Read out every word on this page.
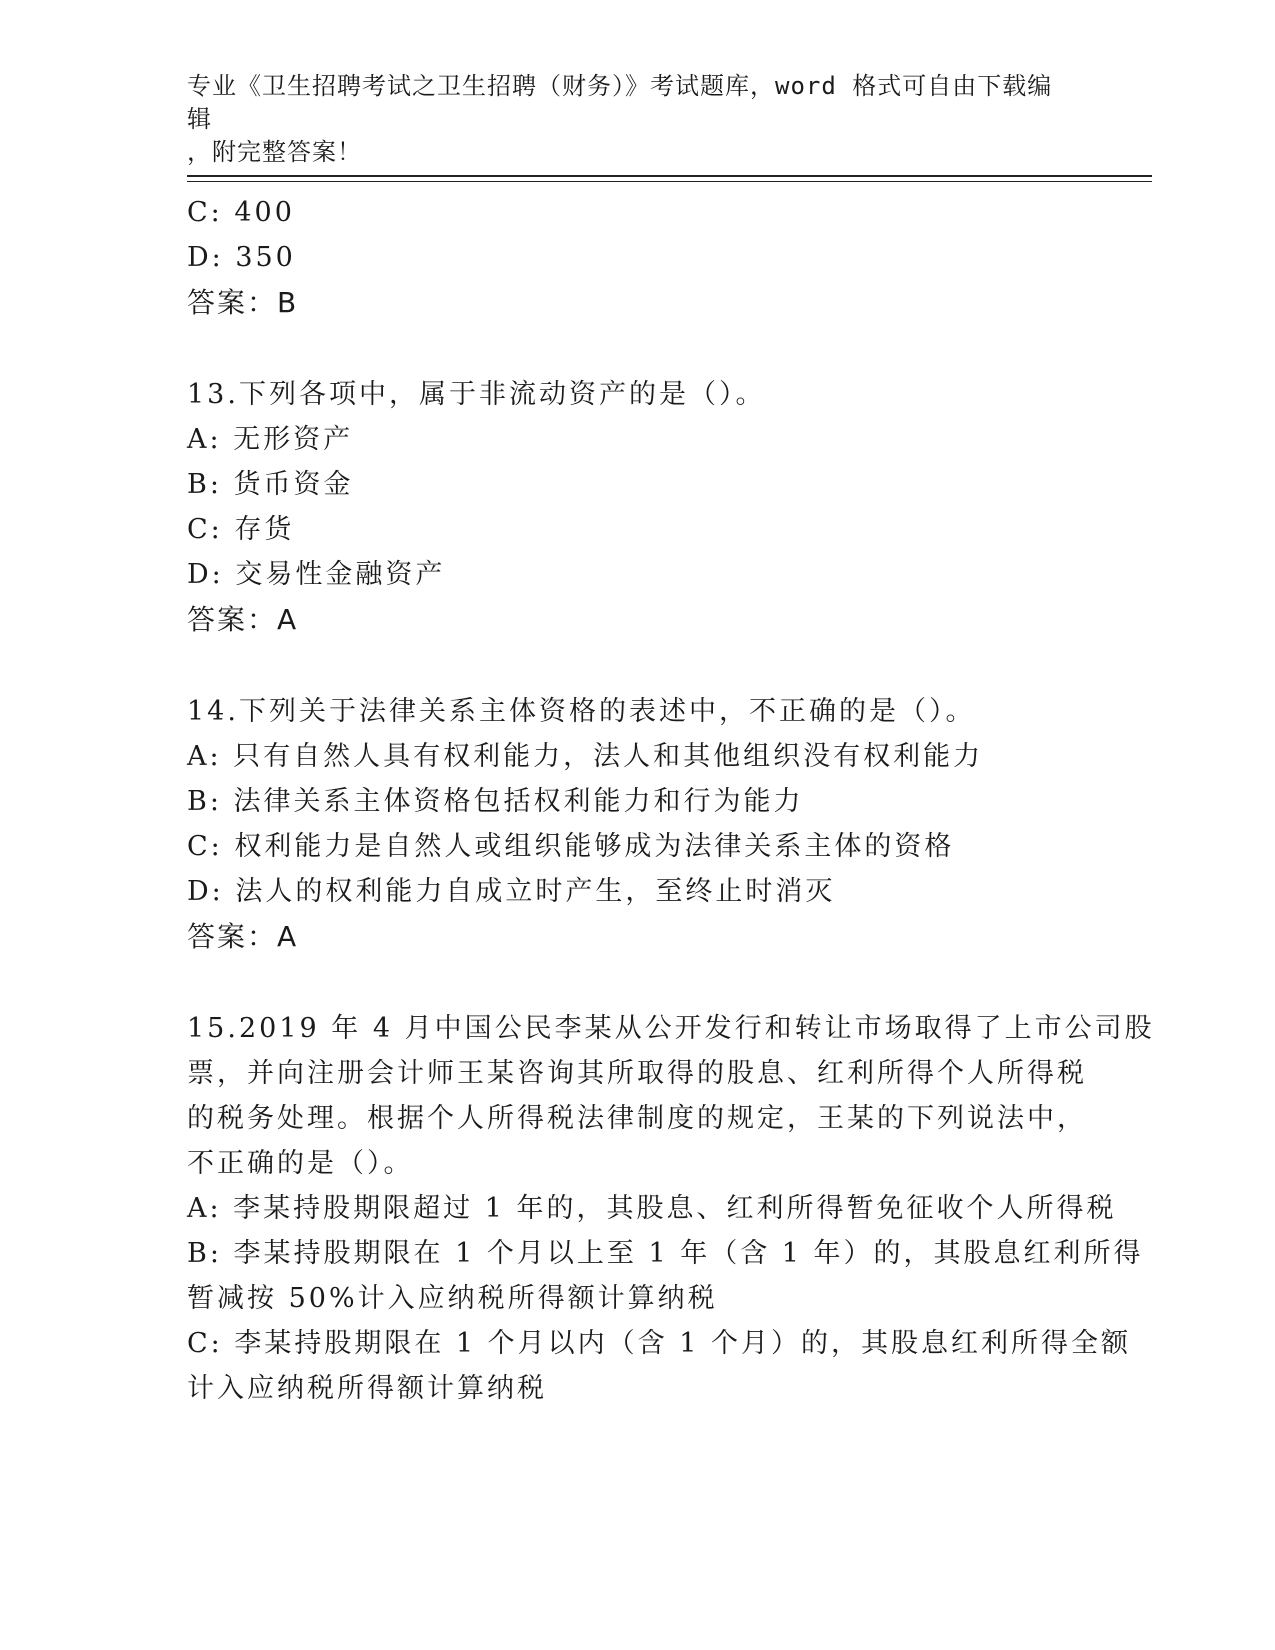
专业《卫生招聘考试之卫生招聘（财务）》考试题库，word 格式可自由下载编辑
，附完整答案！
C: 400
D: 350
答案：B
13.下列各项中，属于非流动资产的是（）。
A: 无形资产
B: 货币资金
C: 存货
D: 交易性金融资产
答案：A
14.下列关于法律关系主体资格的表述中，不正确的是（）。
A: 只有自然人具有权利能力，法人和其他组织没有权利能力
B: 法律关系主体资格包括权利能力和行为能力
C: 权利能力是自然人或组织能够成为法律关系主体的资格
D: 法人的权利能力自成立时产生，至终止时消灭
答案：A
15.2019 年 4 月中国公民李某从公开发行和转让市场取得了上市公司股
票，并向注册会计师王某咨询其所取得的股息、红利所得个人所得税
的税务处理。根据个人所得税法律制度的规定，王某的下列说法中，
不正确的是（）。
A: 李某持股期限超过 1 年的，其股息、红利所得暂免征收个人所得税
B: 李某持股期限在 1 个月以上至 1 年（含 1 年）的，其股息红利所得
暂减按 50%计入应纳税所得额计算纳税
C: 李某持股期限在 1 个月以内（含 1 个月）的，其股息红利所得全额
计入应纳税所得额计算纳税
